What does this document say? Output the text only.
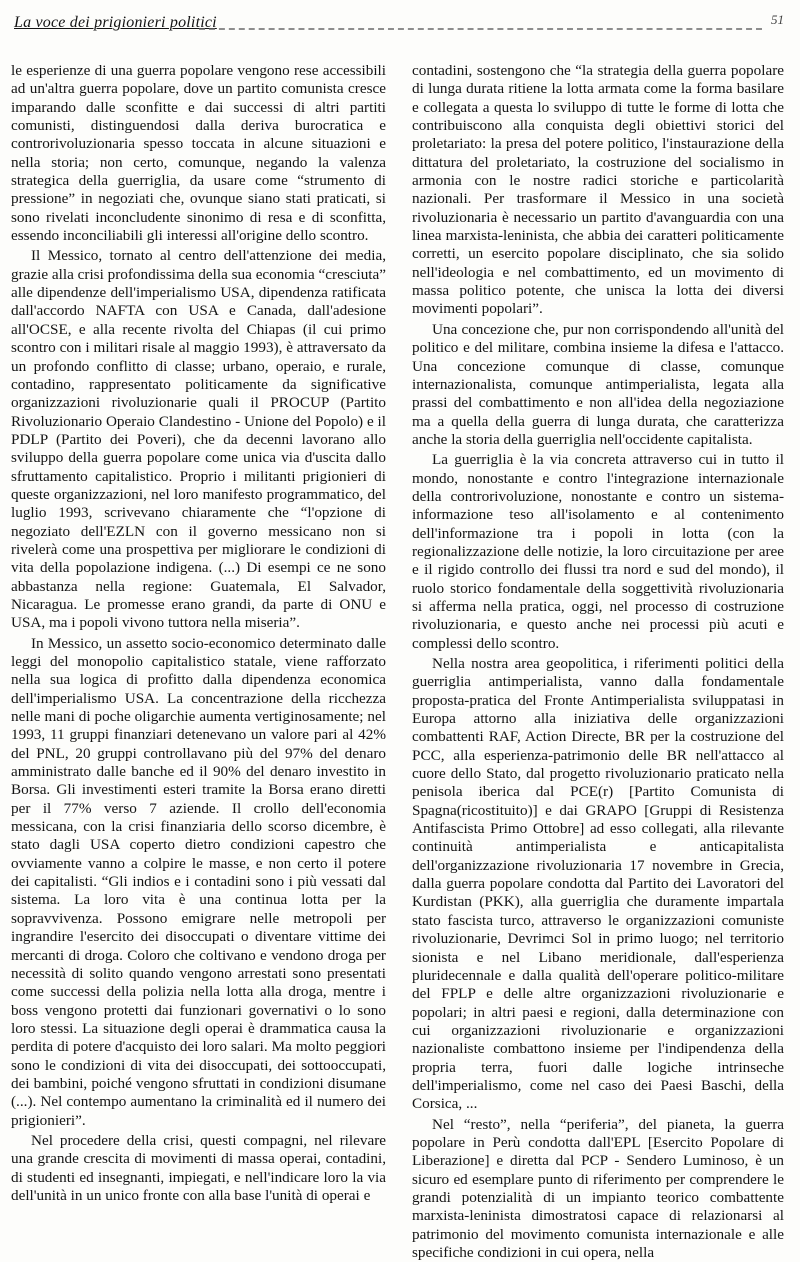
La voce dei prigionieri politici	51

le esperienze di una guerra popolare vengono rese accessibili ad un'altra guerra popolare, dove un partito comunista cresce imparando dalle sconfitte e dai successi di altri partiti comunisti, distinguendosi dalla deriva burocratica e controrivoluzionaria spesso toccata in alcune situazioni e nella storia; non certo, comunque, negando la valenza strategica della guerriglia, da usare come “strumento di pressione” in negoziati che, ovunque siano stati praticati, si sono rivelati inconcludente sinonimo di resa e di sconfitta, essendo inconciliabili gli interessi all'origine dello scontro.

Il Messico, tornato al centro dell'attenzione dei media, grazie alla crisi profondissima della sua economia “cresciuta” alle dipendenze dell'imperialismo USA, dipendenza ratificata dall'accordo NAFTA con USA e Canada, dall'adesione all'OCSE, e alla recente rivolta del Chiapas (il cui primo scontro con i militari risale al maggio 1993), è attraversato da un profondo conflitto di classe; urbano, operaio, e rurale, contadino, rappresentato politicamente da significative organizzazioni rivoluzionarie quali il PROCUP (Partito Rivoluzionario Operaio Clandestino - Unione del Popolo) e il PDLP (Partito dei Poveri), che da decenni lavorano allo sviluppo della guerra popolare come unica via d'uscita dallo sfruttamento capitalistico. Proprio i militanti prigionieri di queste organizzazioni, nel loro manifesto programmatico, del luglio 1993, scrivevano chiaramente che “l'opzione di negoziato dell'EZLN con il governo messicano non si rivelerà come una prospettiva per migliorare le condizioni di vita della popolazione indigena. (...) Di esempi ce ne sono abbastanza nella regione: Guatemala, El Salvador, Nicaragua. Le promesse erano grandi, da parte di ONU e USA, ma i popoli vivono tuttora nella miseria”.

In Messico, un assetto socio-economico determinato dalle leggi del monopolio capitalistico statale, viene rafforzato nella sua logica di profitto dalla dipendenza economica dell'imperialismo USA. La concentrazione della ricchezza nelle mani di poche oligarchie aumenta vertiginosamente; nel 1993, 11 gruppi finanziari detenevano un valore pari al 42% del PNL, 20 gruppi controllavano più del 97% del denaro amministrato dalle banche ed il 90% del denaro investito in Borsa. Gli investimenti esteri tramite la Borsa erano diretti per il 77% verso 7 aziende. Il crollo dell'economia messicana, con la crisi finanziaria dello scorso dicembre, è stato dagli USA coperto dietro condizioni capestro che ovviamente vanno a colpire le masse, e non certo il potere dei capitalisti. “Gli indios e i contadini sono i più vessati dal sistema. La loro vita è una continua lotta per la sopravvivenza. Possono emigrare nelle metropoli per ingrandire l'esercito dei disoccupati o diventare vittime dei mercanti di droga. Coloro che coltivano e vendono droga per necessità di solito quando vengono arrestati sono presentati come successi della polizia nella lotta alla droga, mentre i boss vengono protetti dai funzionari governativi o lo sono loro stessi. La situazione degli operai è drammatica causa la perdita di potere d'acquisto dei loro salari. Ma molto peggiori sono le condizioni di vita dei disoccupati, dei sottooccupati, dei bambini, poiché vengono sfruttati in condizioni disumane (...). Nel contempo aumentano la criminalità ed il numero dei prigionieri”.

Nel procedere della crisi, questi compagni, nel rilevare una grande crescita di movimenti di massa operai, contadini, di studenti ed insegnanti, impiegati, e nell'indicare loro la via dell'unità in un unico fronte con alla base l'unità di operai e

contadini, sostengono che “la strategia della guerra popolare di lunga durata ritiene la lotta armata come la forma basilare e collegata a questa lo sviluppo di tutte le forme di lotta che contribuiscono alla conquista degli obiettivi storici del proletariato: la presa del potere politico, l'instaurazione della dittatura del proletariato, la costruzione del socialismo in armonia con le nostre radici storiche e particolarità nazionali. Per trasformare il Messico in una società rivoluzionaria è necessario un partito d'avanguardia con una linea marxista-leninista, che abbia dei caratteri politicamente corretti, un esercito popolare disciplinato, che sia solido nell'ideologia e nel combattimento, ed un movimento di massa politico potente, che unisca la lotta dei diversi movimenti popolari”.

Una concezione che, pur non corrispondendo all'unità del politico e del militare, combina insieme la difesa e l'attacco. Una concezione comunque di classe, comunque internazionalista, comunque antimperialista, legata alla prassi del combattimento e non all'idea della negoziazione ma a quella della guerra di lunga durata, che caratterizza anche la storia della guerriglia nell'occidente capitalista.

La guerriglia è la via concreta attraverso cui in tutto il mondo, nonostante e contro l'integrazione internazionale della controrivoluzione, nonostante e contro un sistema-informazione teso all'isolamento e al contenimento dell'informazione tra i popoli in lotta (con la regionalizzazione delle notizie, la loro circuitazione per aree e il rigido controllo dei flussi tra nord e sud del mondo), il ruolo storico fondamentale della soggettività rivoluzionaria si afferma nella pratica, oggi, nel processo di costruzione rivoluzionaria, e questo anche nei processi più acuti e complessi dello scontro.

Nella nostra area geopolitica, i riferimenti politici della guerriglia antimperialista, vanno dalla fondamentale proposta-pratica del Fronte Antimperialista sviluppatasi in Europa attorno alla iniziativa delle organizzazioni combattenti RAF, Action Directe, BR per la costruzione del PCC, alla esperienza-patrimonio delle BR nell'attacco al cuore dello Stato, dal progetto rivoluzionario praticato nella penisola iberica dal PCE(r) [Partito Comunista di Spagna(ricostituito)] e dai GRAPO [Gruppi di Resistenza Antifascista Primo Ottobre] ad esso collegati, alla rilevante continuità antimperialista e anticapitalista dell'organizzazione rivoluzionaria 17 novembre in Grecia, dalla guerra popolare condotta dal Partito dei Lavoratori del Kurdistan (PKK), alla guerriglia che duramente impartala stato fascista turco, attraverso le organizzazioni comuniste rivoluzionarie, Devrimci Sol in primo luogo; nel territorio sionista e nel Libano meridionale, dall'esperienza pluridecennale e dalla qualità dell'operare politico-militare del FPLP e delle altre organizzazioni rivoluzionarie e popolari; in altri paesi e regioni, dalla determinazione con cui organizzazioni rivoluzionarie e organizzazioni nazionaliste combattono insieme per l'indipendenza della propria terra, fuori dalle logiche intrinseche dell'imperialismo, come nel caso dei Paesi Baschi, della Corsica, ...

Nel “resto”, nella “periferia”, del pianeta, la guerra popolare in Perù condotta dall'EPL [Esercito Popolare di Liberazione] e diretta dal PCP - Sendero Luminoso, è un sicuro ed esemplare punto di riferimento per comprendere le grandi potenzialità di un impianto teorico combattente marxista-leninista dimostratosi capace di relazionarsi al patrimonio del movimento comunista internazionale e alle specifiche condizioni in cui opera, nella
